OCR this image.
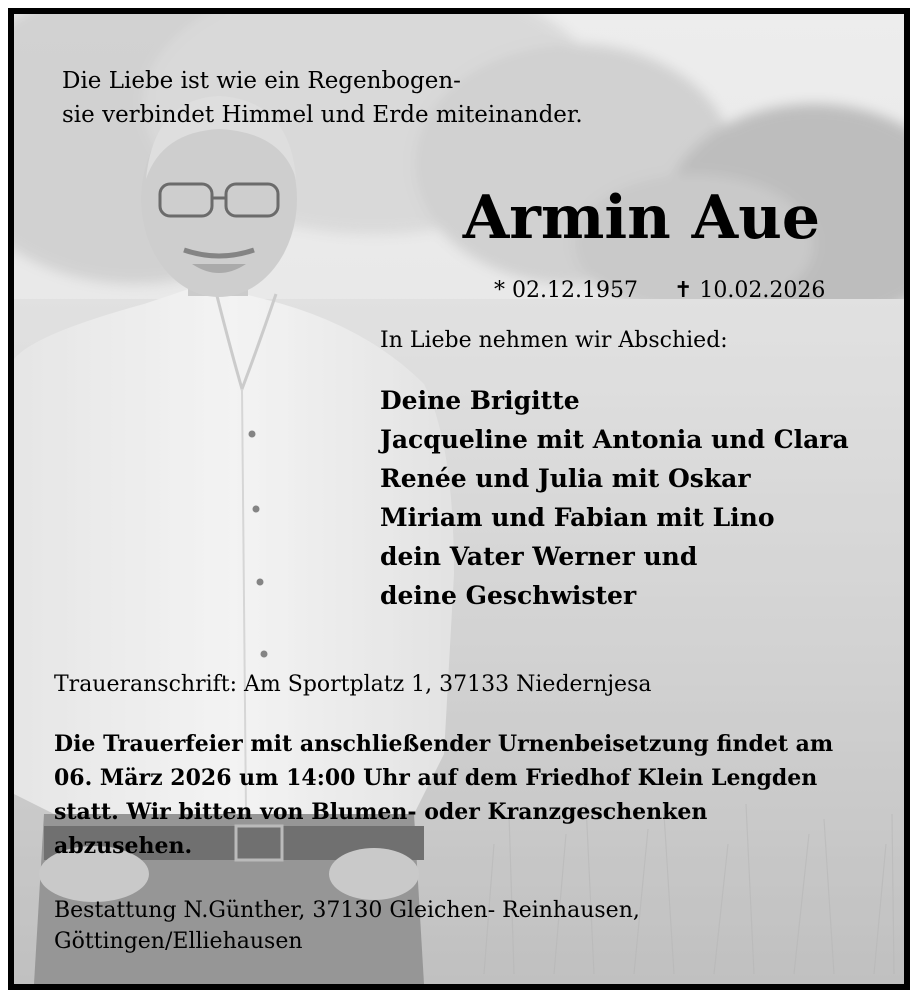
Die Liebe ist wie ein Regenbogen-

sie verbindet Himmel und Erde miteinander.

Armin Aue

* 02.12.1957 ✝ 10.02.2026

In Liebe nehmen wir Abschied:

Deine Brigitte

Jacqueline mit Antonia und Clara

Renée und Julia mit Oskar

Miriam und Fabian mit Lino

dein Vater Werner und

deine Geschwister

Traueranschrift: Am Sportplatz 1, 37133 Niedernjesa

Die Trauerfeier mit anschließender Urnenbeisetzung findet am

06. März 2026 um 14:00 Uhr auf dem Friedhof Klein Lengden

statt. Wir bitten von Blumen- oder Kranzgeschenken

abzusehen.

Bestattung N.Günther, 37130 Gleichen- Reinhausen,

Göttingen/Elliehausen
